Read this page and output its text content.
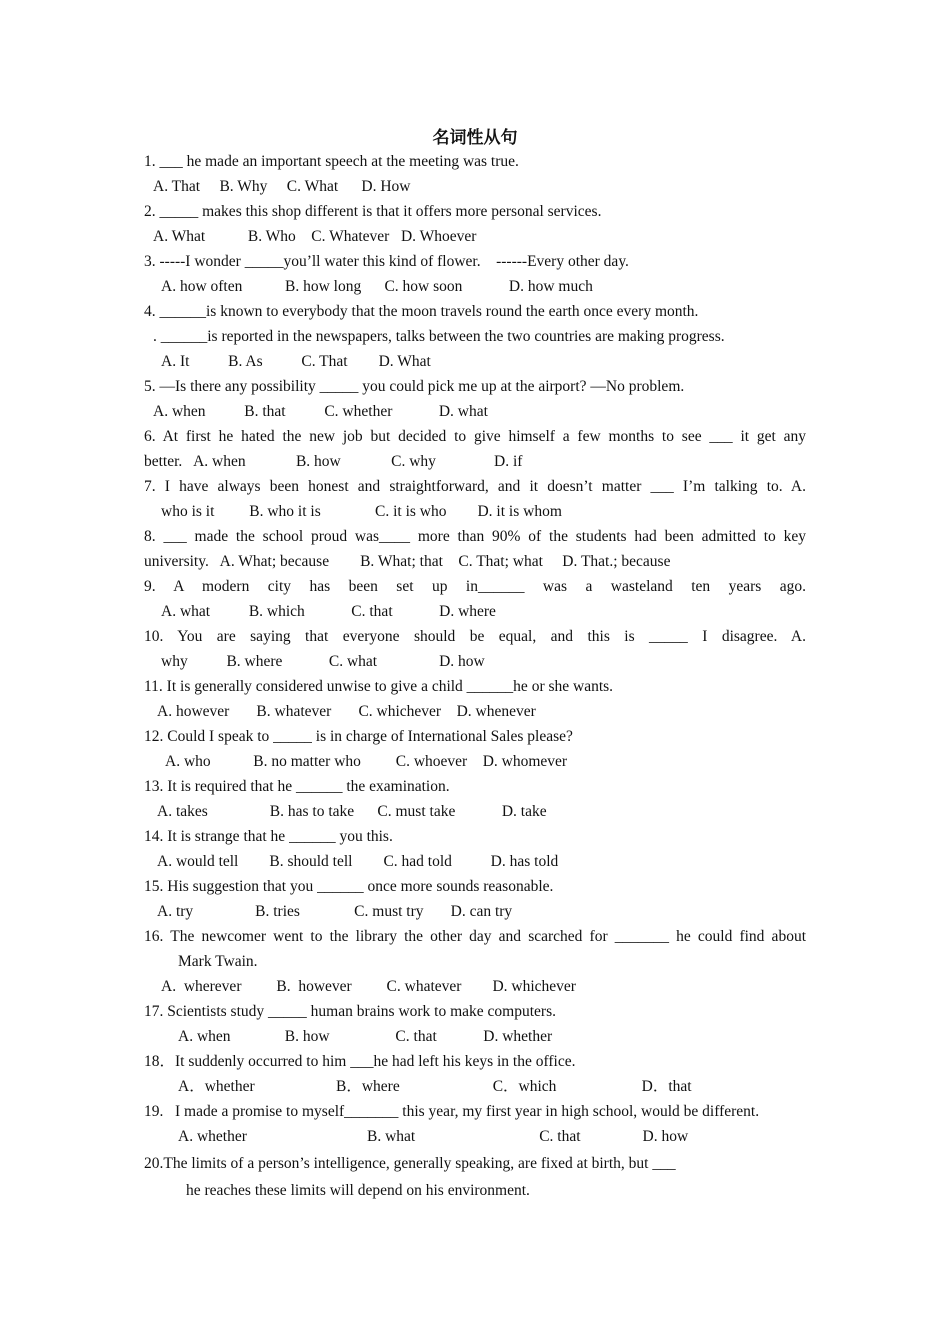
名词性从句
1. ___ he made an important speech at the meeting was true.
A. That     B. Why     C. What      D. How
2. _____ makes this shop different is that it offers more personal services.
A. What           B. Who    C. Whatever   D. Whoever
3. -----I wonder _____you’ll water this kind of flower.    ------Every other day.
A. how often           B. how long      C. how soon            D. how much
4. ______is known to everybody that the moon travels round the earth once every month.
. ______is reported in the newspapers, talks between the two countries are making progress.
A. It          B. As          C. That        D. What
5. —Is there any possibility _____ you could pick me up at the airport? —No problem.
A. when          B. that          C. whether            D. what
6. At first he hated the new job but decided to give himself a few months to see ___ it get any
better.   A. when             B. how             C. why               D. if
7. I have always been honest and straightforward, and it doesn’t matter ___ I’m talking to. A.
who is it         B. who it is              C. it is who        D. it is whom
8. ___ made the school proud was____ more than 90% of the students had been admitted to key
university.   A. What; because        B. What; that    C. That; what     D. That.; because
9. A modern city has been set up in______ was a wasteland ten years ago.
A. what          B. which            C. that            D. where
10. You are saying that everyone should be equal, and this is _____ I disagree. A.
why          B. where            C. what                D. how
11. It is generally considered unwise to give a child ______he or she wants.
A. however       B. whatever       C. whichever    D. whenever
12. Could I speak to _____ is in charge of International Sales please?
A. who           B. no matter who         C. whoever    D. whomever
13. It is required that he ______ the examination.
A. takes                B. has to take      C. must take            D. take
14. It is strange that he ______ you this.
A. would tell        B. should tell        C. had told          D. has told
15. His suggestion that you ______ once more sounds reasonable.
A. try                B. tries              C. must try       D. can try
16. The newcomer went to the library the other day and scarched for _______ he could find about
Mark Twain.
A.  wherever         B.  however         C. whatever        D. whichever
17. Scientists study _____ human brains work to make computers.
A. when              B. how                 C. that            D. whether
18．It suddenly occurred to him ___he had left his keys in the office.
A．whether                     B．where                        C．which                      D．that
19.   I made a promise to myself_______ this year, my first year in high school, would be different.
A. whether                               B. what                                C. that                D. how
20.The limits of a person’s intelligence, generally speaking, are fixed at birth, but ___
he reaches these limits will depend on his environment.
